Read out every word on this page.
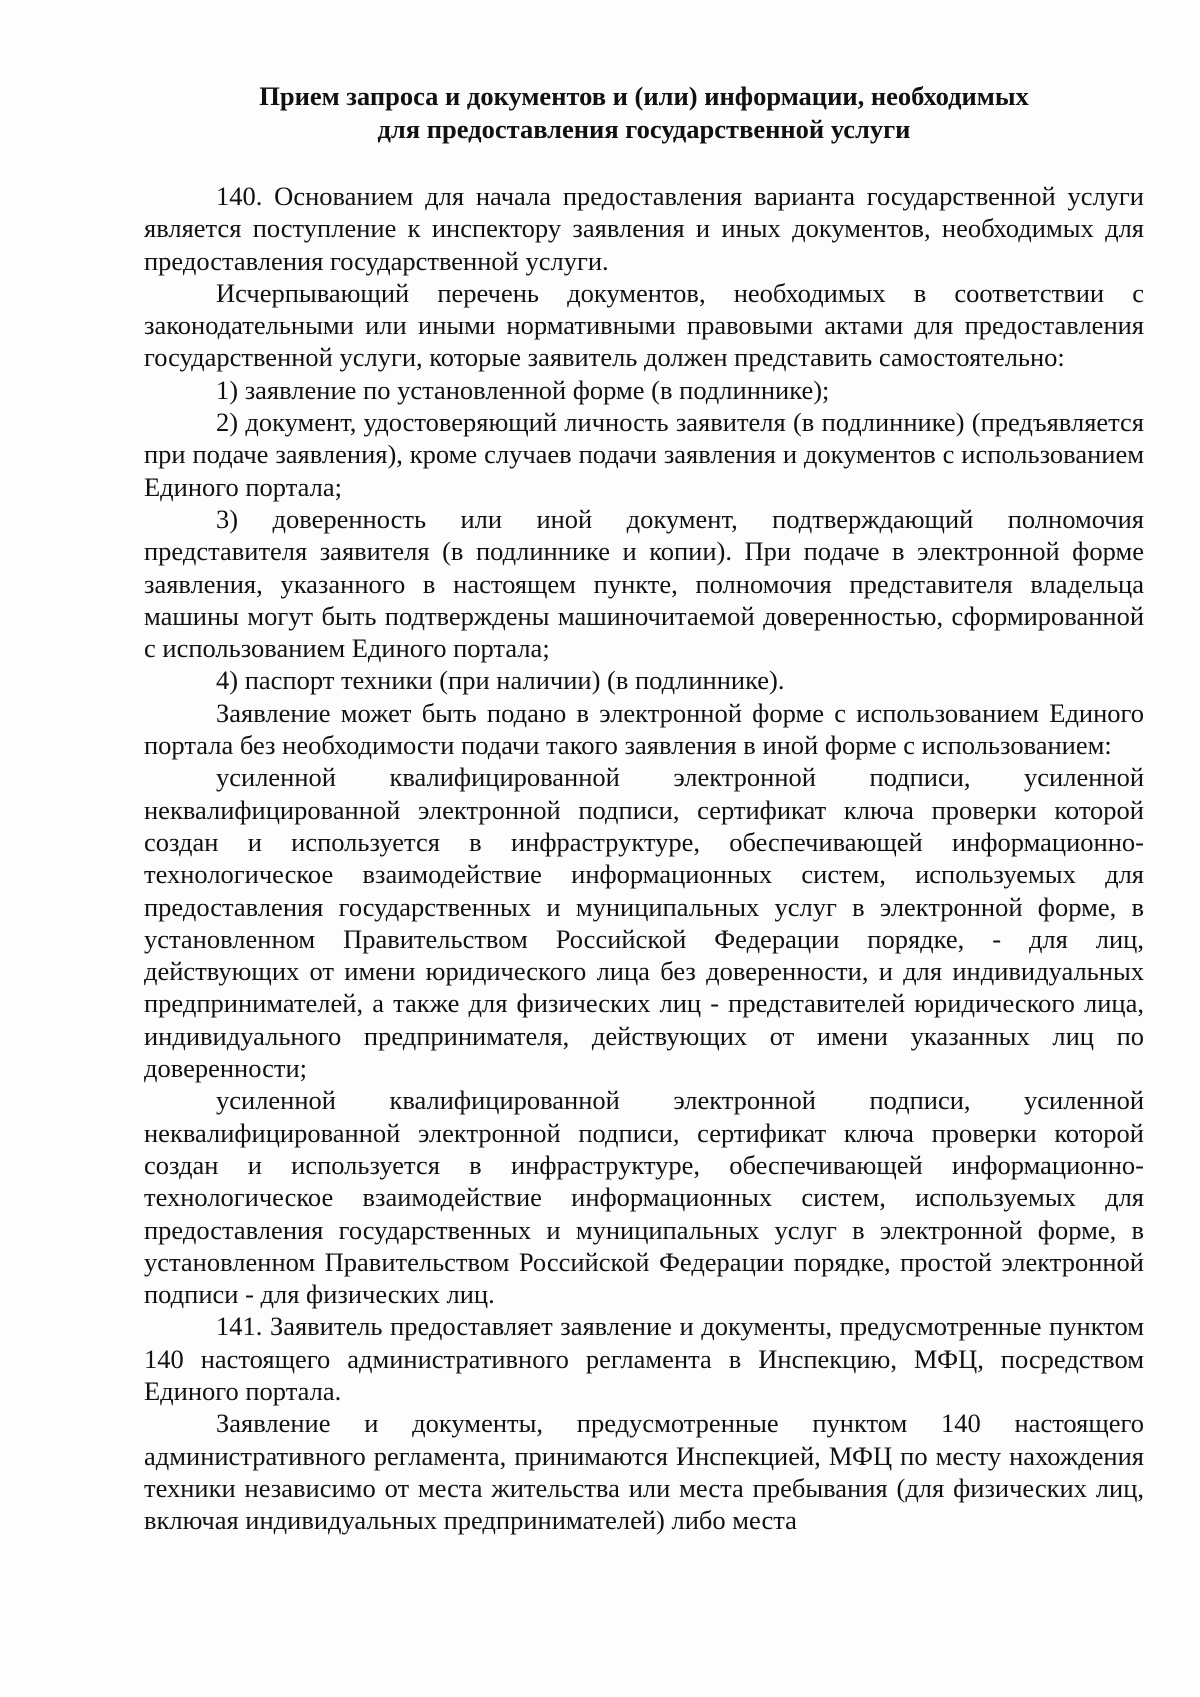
Прием запроса и документов и (или) информации, необходимых
для предоставления государственной услуги

140. Основанием для начала предоставления варианта государственной услуги является поступление к инспектору заявления и иных документов, необходимых для предоставления государственной услуги.

Исчерпывающий перечень документов, необходимых в соответствии с законодательными или иными нормативными правовыми актами для предоставления государственной услуги, которые заявитель должен представить самостоятельно:

1) заявление по установленной форме (в подлиннике);

2) документ, удостоверяющий личность заявителя (в подлиннике) (предъявляется при подаче заявления), кроме случаев подачи заявления и документов с использованием Единого портала;

3) доверенность или иной документ, подтверждающий полномочия представителя заявителя (в подлиннике и копии). При подаче в электронной форме заявления, указанного в настоящем пункте, полномочия представителя владельца машины могут быть подтверждены машиночитаемой доверенностью, сформированной с использованием Единого портала;

4) паспорт техники (при наличии) (в подлиннике).

Заявление может быть подано в электронной форме с использованием Единого портала без необходимости подачи такого заявления в иной форме с использованием:

усиленной квалифицированной электронной подписи, усиленной неквалифицированной электронной подписи, сертификат ключа проверки которой создан и используется в инфраструктуре, обеспечивающей информационно-технологическое взаимодействие информационных систем, используемых для предоставления государственных и муниципальных услуг в электронной форме, в установленном Правительством Российской Федерации порядке, - для лиц, действующих от имени юридического лица без доверенности, и для индивидуальных предпринимателей, а также для физических лиц - представителей юридического лица, индивидуального предпринимателя, действующих от имени указанных лиц по доверенности;

усиленной квалифицированной электронной подписи, усиленной неквалифицированной электронной подписи, сертификат ключа проверки которой создан и используется в инфраструктуре, обеспечивающей информационно-технологическое взаимодействие информационных систем, используемых для предоставления государственных и муниципальных услуг в электронной форме, в установленном Правительством Российской Федерации порядке, простой электронной подписи - для физических лиц.

141. Заявитель предоставляет заявление и документы, предусмотренные пунктом 140 настоящего административного регламента в Инспекцию, МФЦ, посредством Единого портала.

Заявление и документы, предусмотренные пунктом 140 настоящего административного регламента, принимаются Инспекцией, МФЦ по месту нахождения техники независимо от места жительства или места пребывания (для физических лиц, включая индивидуальных предпринимателей) либо места
